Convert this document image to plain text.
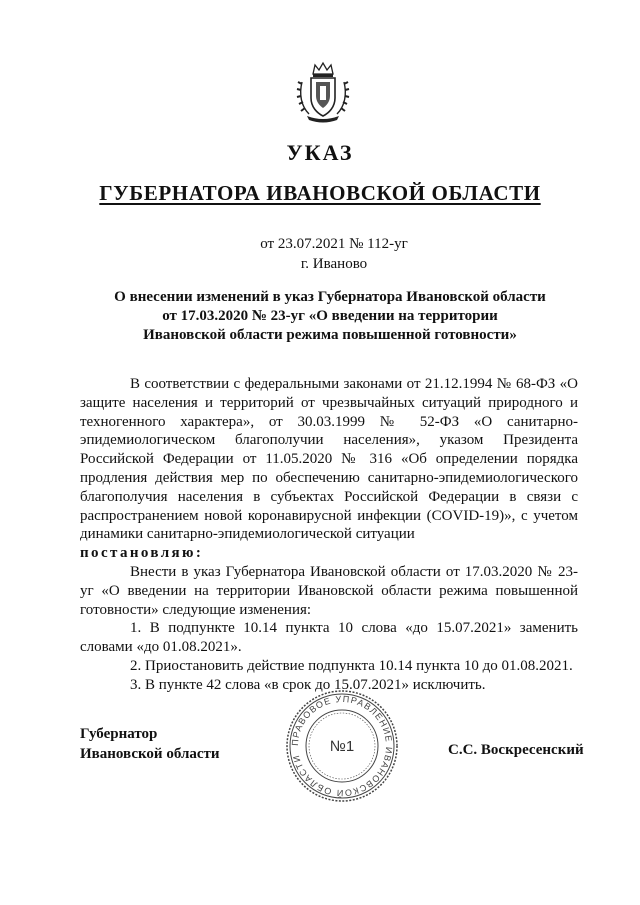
УКАЗ
ГУБЕРНАТОРА ИВАНОВСКОЙ ОБЛАСТИ
от 23.07.2021 № 112-уг
г. Иваново
О внесении изменений в указ Губернатора Ивановской области
от 17.03.2020 № 23-уг «О введении на территории
Ивановской области режима повышенной готовности»

В соответствии с федеральными законами от 21.12.1994 № 68-ФЗ «О защите населения и территорий от чрезвычайных ситуаций природного и техногенного характера», от 30.03.1999 № 52-ФЗ «О санитарно-эпидемиологическом благополучии населения», указом Президента Российской Федерации от 11.05.2020 № 316 «Об определении порядка продления действия мер по обеспечению санитарно-эпидемиологического благополучия населения в субъектах Российской Федерации в связи с распространением новой коронавирусной инфекции (COVID-19)», с учетом динамики санитарно-эпидемиологической ситуации

постановляю:

Внести в указ Губернатора Ивановской области от 17.03.2020 № 23-уг «О введении на территории Ивановской области режима повышенной готовности» следующие изменения:

1. В подпункте 10.14 пункта 10 слова «до 15.07.2021» заменить словами «до 01.08.2021».

2. Приостановить действие подпункта 10.14 пункта 10 до 01.08.2021.

3. В пункте 42 слова «в срок до 15.07.2021» исключить.

Губернатор
Ивановской области
ПРАВОВОЕ УПРАВЛЕНИЕ ИВАНОВСКОЙ ОБЛАСТИ
№1	С.С. Воскресенский
